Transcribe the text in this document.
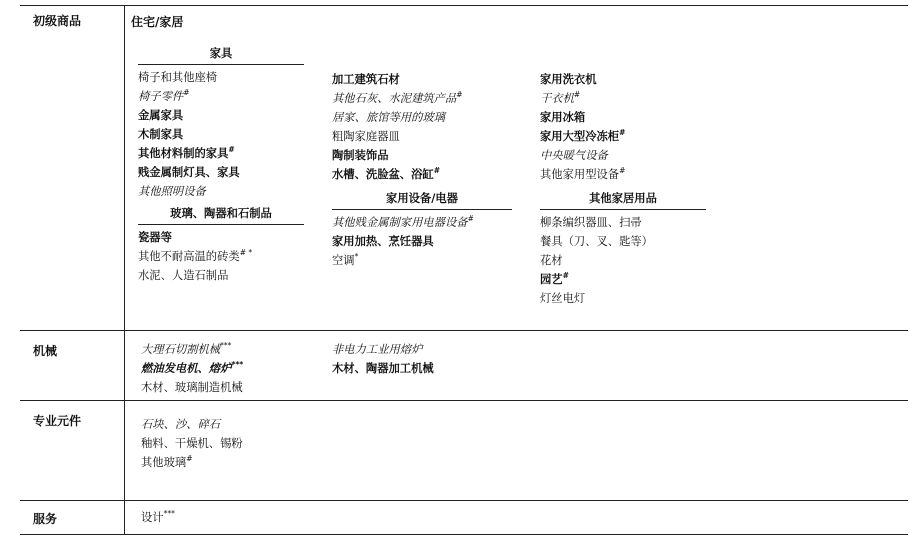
初级商品
机械
专业元件
服务
住宅/家居
家具
椅子和其他座椅
椅子零件#
金属家具
木制家具
其他材料制的家具#
贱金属制灯具、家具
其他照明设备
玻璃、陶器和石制品
瓷器等
其他不耐高温的砖类# *
水泥、人造石制品
加工建筑石材
其他石灰、水泥建筑产品#
居家、旅馆等用的玻璃
粗陶家庭器皿
陶制装饰品
水槽、洗脸盆、浴缸#
家用设备/电器
其他贱金属制家用电器设备#
家用加热、烹饪器具
空调*
家用洗衣机
干衣机#
家用冰箱
家用大型冷冻柜#
中央暖气设备
其他家用型设备#
其他家居用品
柳条编织器皿、扫帚
餐具（刀、叉、匙等）
花材
园艺#
灯丝电灯
大理石切割机械***
燃油发电机、熔炉***
木材、玻璃制造机械
非电力工业用熔炉
木材、陶器加工机械
石块、沙、碎石
釉料、干燥机、锡粉
其他玻璃#
设计***
